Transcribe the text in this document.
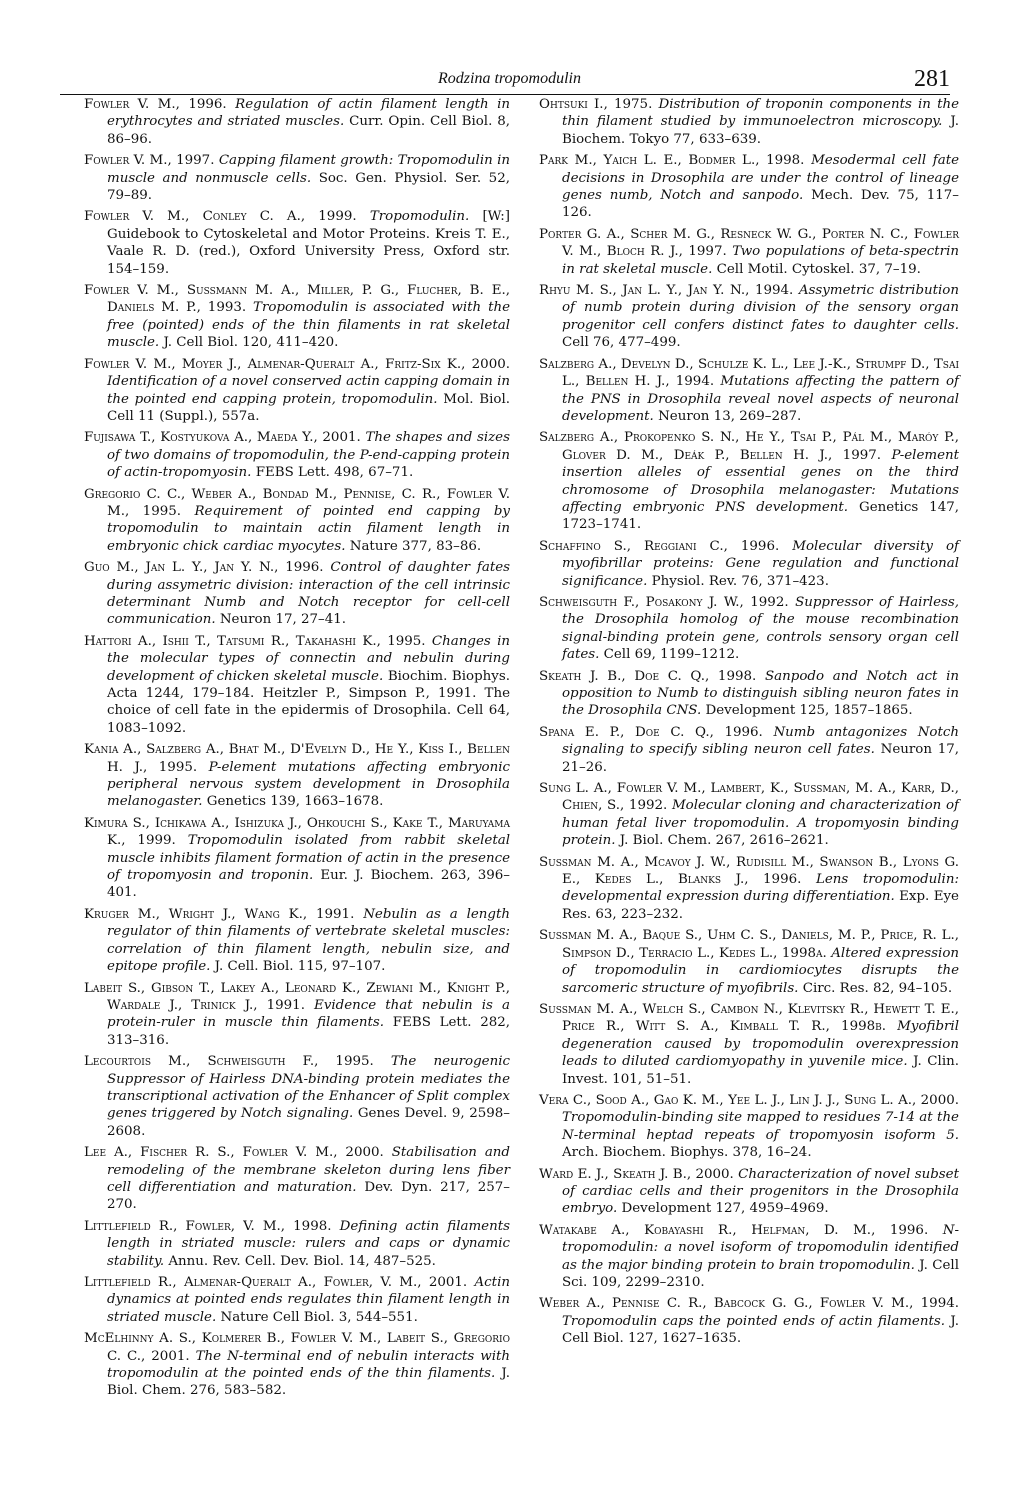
Rodzina tropomodulin	281

Fowler V. M., 1996. Regulation of actin filament length in erythrocytes and striated muscles. Curr. Opin. Cell Biol. 8, 86–96.

Fowler V. M., 1997. Capping filament growth: Tropomodulin in muscle and nonmuscle cells. Soc. Gen. Physiol. Ser. 52, 79–89.

Fowler V. M., Conley C. A., 1999. Tropomodulin. [W:] Guidebook to Cytoskeletal and Motor Proteins. Kreis T. E., Vaale R. D. (red.), Oxford University Press, Oxford str. 154–159.

Fowler V. M., Sussmann M. A., Miller, P. G., Flucher, B. E., Daniels M. P., 1993. Tropomodulin is associated with the free (pointed) ends of the thin filaments in rat skeletal muscle. J. Cell Biol. 120, 411–420.

Fowler V. M., Moyer J., Almenar-Queralt A., Fritz-Six K., 2000. Identification of a novel conserved actin capping domain in the pointed end capping protein, tropomodulin. Mol. Biol. Cell 11 (Suppl.), 557a.

Fujisawa T., Kostyukova A., Maeda Y., 2001. The shapes and sizes of two domains of tropomodulin, the P-end-capping protein of actin-tropomyosin. FEBS Lett. 498, 67–71.

Gregorio C. C., Weber A., Bondad M., Pennise, C. R., Fowler V. M., 1995. Requirement of pointed end capping by tropomodulin to maintain actin filament length in embryonic chick cardiac myocytes. Nature 377, 83–86.

Guo M., Jan L. Y., Jan Y. N., 1996. Control of daughter fates during assymetric division: interaction of the cell intrinsic determinant Numb and Notch receptor for cell-cell communication. Neuron 17, 27–41.

Hattori A., Ishii T., Tatsumi R., Takahashi K., 1995. Changes in the molecular types of connectin and nebulin during development of chicken skeletal muscle. Biochim. Biophys. Acta 1244, 179–184. Heitzler P., Simpson P., 1991. The choice of cell fate in the epidermis of Drosophila. Cell 64, 1083–1092.

Kania A., Salzberg A., Bhat M., D'Evelyn D., He Y., Kiss I., Bellen H. J., 1995. P-element mutations affecting embryonic peripheral nervous system development in Drosophila melanogaster. Genetics 139, 1663–1678.

Kimura S., Ichikawa A., Ishizuka J., Ohkouchi S., Kake T., Maruyama K., 1999. Tropomodulin isolated from rabbit skeletal muscle inhibits filament formation of actin in the presence of tropomyosin and troponin. Eur. J. Biochem. 263, 396–401.

Kruger M., Wright J., Wang K., 1991. Nebulin as a length regulator of thin filaments of vertebrate skeletal muscles: correlation of thin filament length, nebulin size, and epitope profile. J. Cell. Biol. 115, 97–107.

Labeit S., Gibson T., Lakey A., Leonard K., Zewiani M., Knight P., Wardale J., Trinick J., 1991. Evidence that nebulin is a protein-ruler in muscle thin filaments. FEBS Lett. 282, 313–316.

Lecourtois M., Schweisguth F., 1995. The neurogenic Suppressor of Hairless DNA-binding protein mediates the transcriptional activation of the Enhancer of Split complex genes triggered by Notch signaling. Genes Devel. 9, 2598–2608.

Lee A., Fischer R. S., Fowler V. M., 2000. Stabilisation and remodeling of the membrane skeleton during lens fiber cell differentiation and maturation. Dev. Dyn. 217, 257–270.

Littlefield R., Fowler, V. M., 1998. Defining actin filaments length in striated muscle: rulers and caps or dynamic stability. Annu. Rev. Cell. Dev. Biol. 14, 487–525.

Littlefield R., Almenar-Queralt A., Fowler, V. M., 2001. Actin dynamics at pointed ends regulates thin filament length in striated muscle. Nature Cell Biol. 3, 544–551.

McElhinny A. S., Kolmerer B., Fowler V. M., Labeit S., Gregorio C. C., 2001. The N-terminal end of nebulin interacts with tropomodulin at the pointed ends of the thin filaments. J. Biol. Chem. 276, 583–582.

Ohtsuki I., 1975. Distribution of troponin components in the thin filament studied by immunoelectron microscopy. J. Biochem. Tokyo 77, 633–639.

Park M., Yaich L. E., Bodmer L., 1998. Mesodermal cell fate decisions in Drosophila are under the control of lineage genes numb, Notch and sanpodo. Mech. Dev. 75, 117–126.

Porter G. A., Scher M. G., Resneck W. G., Porter N. C., Fowler V. M., Bloch R. J., 1997. Two populations of beta-spectrin in rat skeletal muscle. Cell Motil. Cytoskel. 37, 7–19.

Rhyu M. S., Jan L. Y., Jan Y. N., 1994. Assymetric distribution of numb protein during division of the sensory organ progenitor cell confers distinct fates to daughter cells. Cell 76, 477–499.

Salzberg A., Develyn D., Schulze K. L., Lee J.-K., Strumpf D., Tsai L., Bellen H. J., 1994. Mutations affecting the pattern of the PNS in Drosophila reveal novel aspects of neuronal development. Neuron 13, 269–287.

Salzberg A., Prokopenko S. N., He Y., Tsai P., Pál M., Maróy P., Glover D. M., Deák P., Bellen H. J., 1997. P-element insertion alleles of essential genes on the third chromosome of Drosophila melanogaster: Mutations affecting embryonic PNS development. Genetics 147, 1723–1741.

Schaffino S., Reggiani C., 1996. Molecular diversity of myofibrillar proteins: Gene regulation and functional significance. Physiol. Rev. 76, 371–423.

Schweisguth F., Posakony J. W., 1992. Suppressor of Hairless, the Drosophila homolog of the mouse recombination signal-binding protein gene, controls sensory organ cell fates. Cell 69, 1199–1212.

Skeath J. B., Doe C. Q., 1998. Sanpodo and Notch act in opposition to Numb to distinguish sibling neuron fates in the Drosophila CNS. Development 125, 1857–1865.

Spana E. P., Doe C. Q., 1996. Numb antagonizes Notch signaling to specify sibling neuron cell fates. Neuron 17, 21–26.

Sung L. A., Fowler V. M., Lambert, K., Sussman, M. A., Karr, D., Chien, S., 1992. Molecular cloning and characterization of human fetal liver tropomodulin. A tropomyosin binding protein. J. Biol. Chem. 267, 2616–2621.

Sussman M. A., Mcavoy J. W., Rudisill M., Swanson B., Lyons G. E., Kedes L., Blanks J., 1996. Lens tropomodulin: developmental expression during differentiation. Exp. Eye Res. 63, 223–232.

Sussman M. A., Baque S., Uhm C. S., Daniels, M. P., Price, R. L., Simpson D., Terracio L., Kedes L., 1998a. Altered expression of tropomodulin in cardiomiocytes disrupts the sarcomeric structure of myofibrils. Circ. Res. 82, 94–105.

Sussman M. A., Welch S., Cambon N., Klevitsky R., Hewett T. E., Price R., Witt S. A., Kimball T. R., 1998b. Myofibril degeneration caused by tropomodulin overexpression leads to diluted cardiomyopathy in yuvenile mice. J. Clin. Invest. 101, 51–51.

Vera C., Sood A., Gao K. M., Yee L. J., Lin J. J., Sung L. A., 2000. Tropomodulin-binding site mapped to residues 7-14 at the N-terminal heptad repeats of tropomyosin isoform 5. Arch. Biochem. Biophys. 378, 16–24.

Ward E. J., Skeath J. B., 2000. Characterization of novel subset of cardiac cells and their progenitors in the Drosophila embryo. Development 127, 4959–4969.

Watakabe A., Kobayashi R., Helfman, D. M., 1996. N-tropomodulin: a novel isoform of tropomodulin identified as the major binding protein to brain tropomodulin. J. Cell Sci. 109, 2299–2310.

Weber A., Pennise C. R., Babcock G. G., Fowler V. M., 1994. Tropomodulin caps the pointed ends of actin filaments. J. Cell Biol. 127, 1627–1635.
